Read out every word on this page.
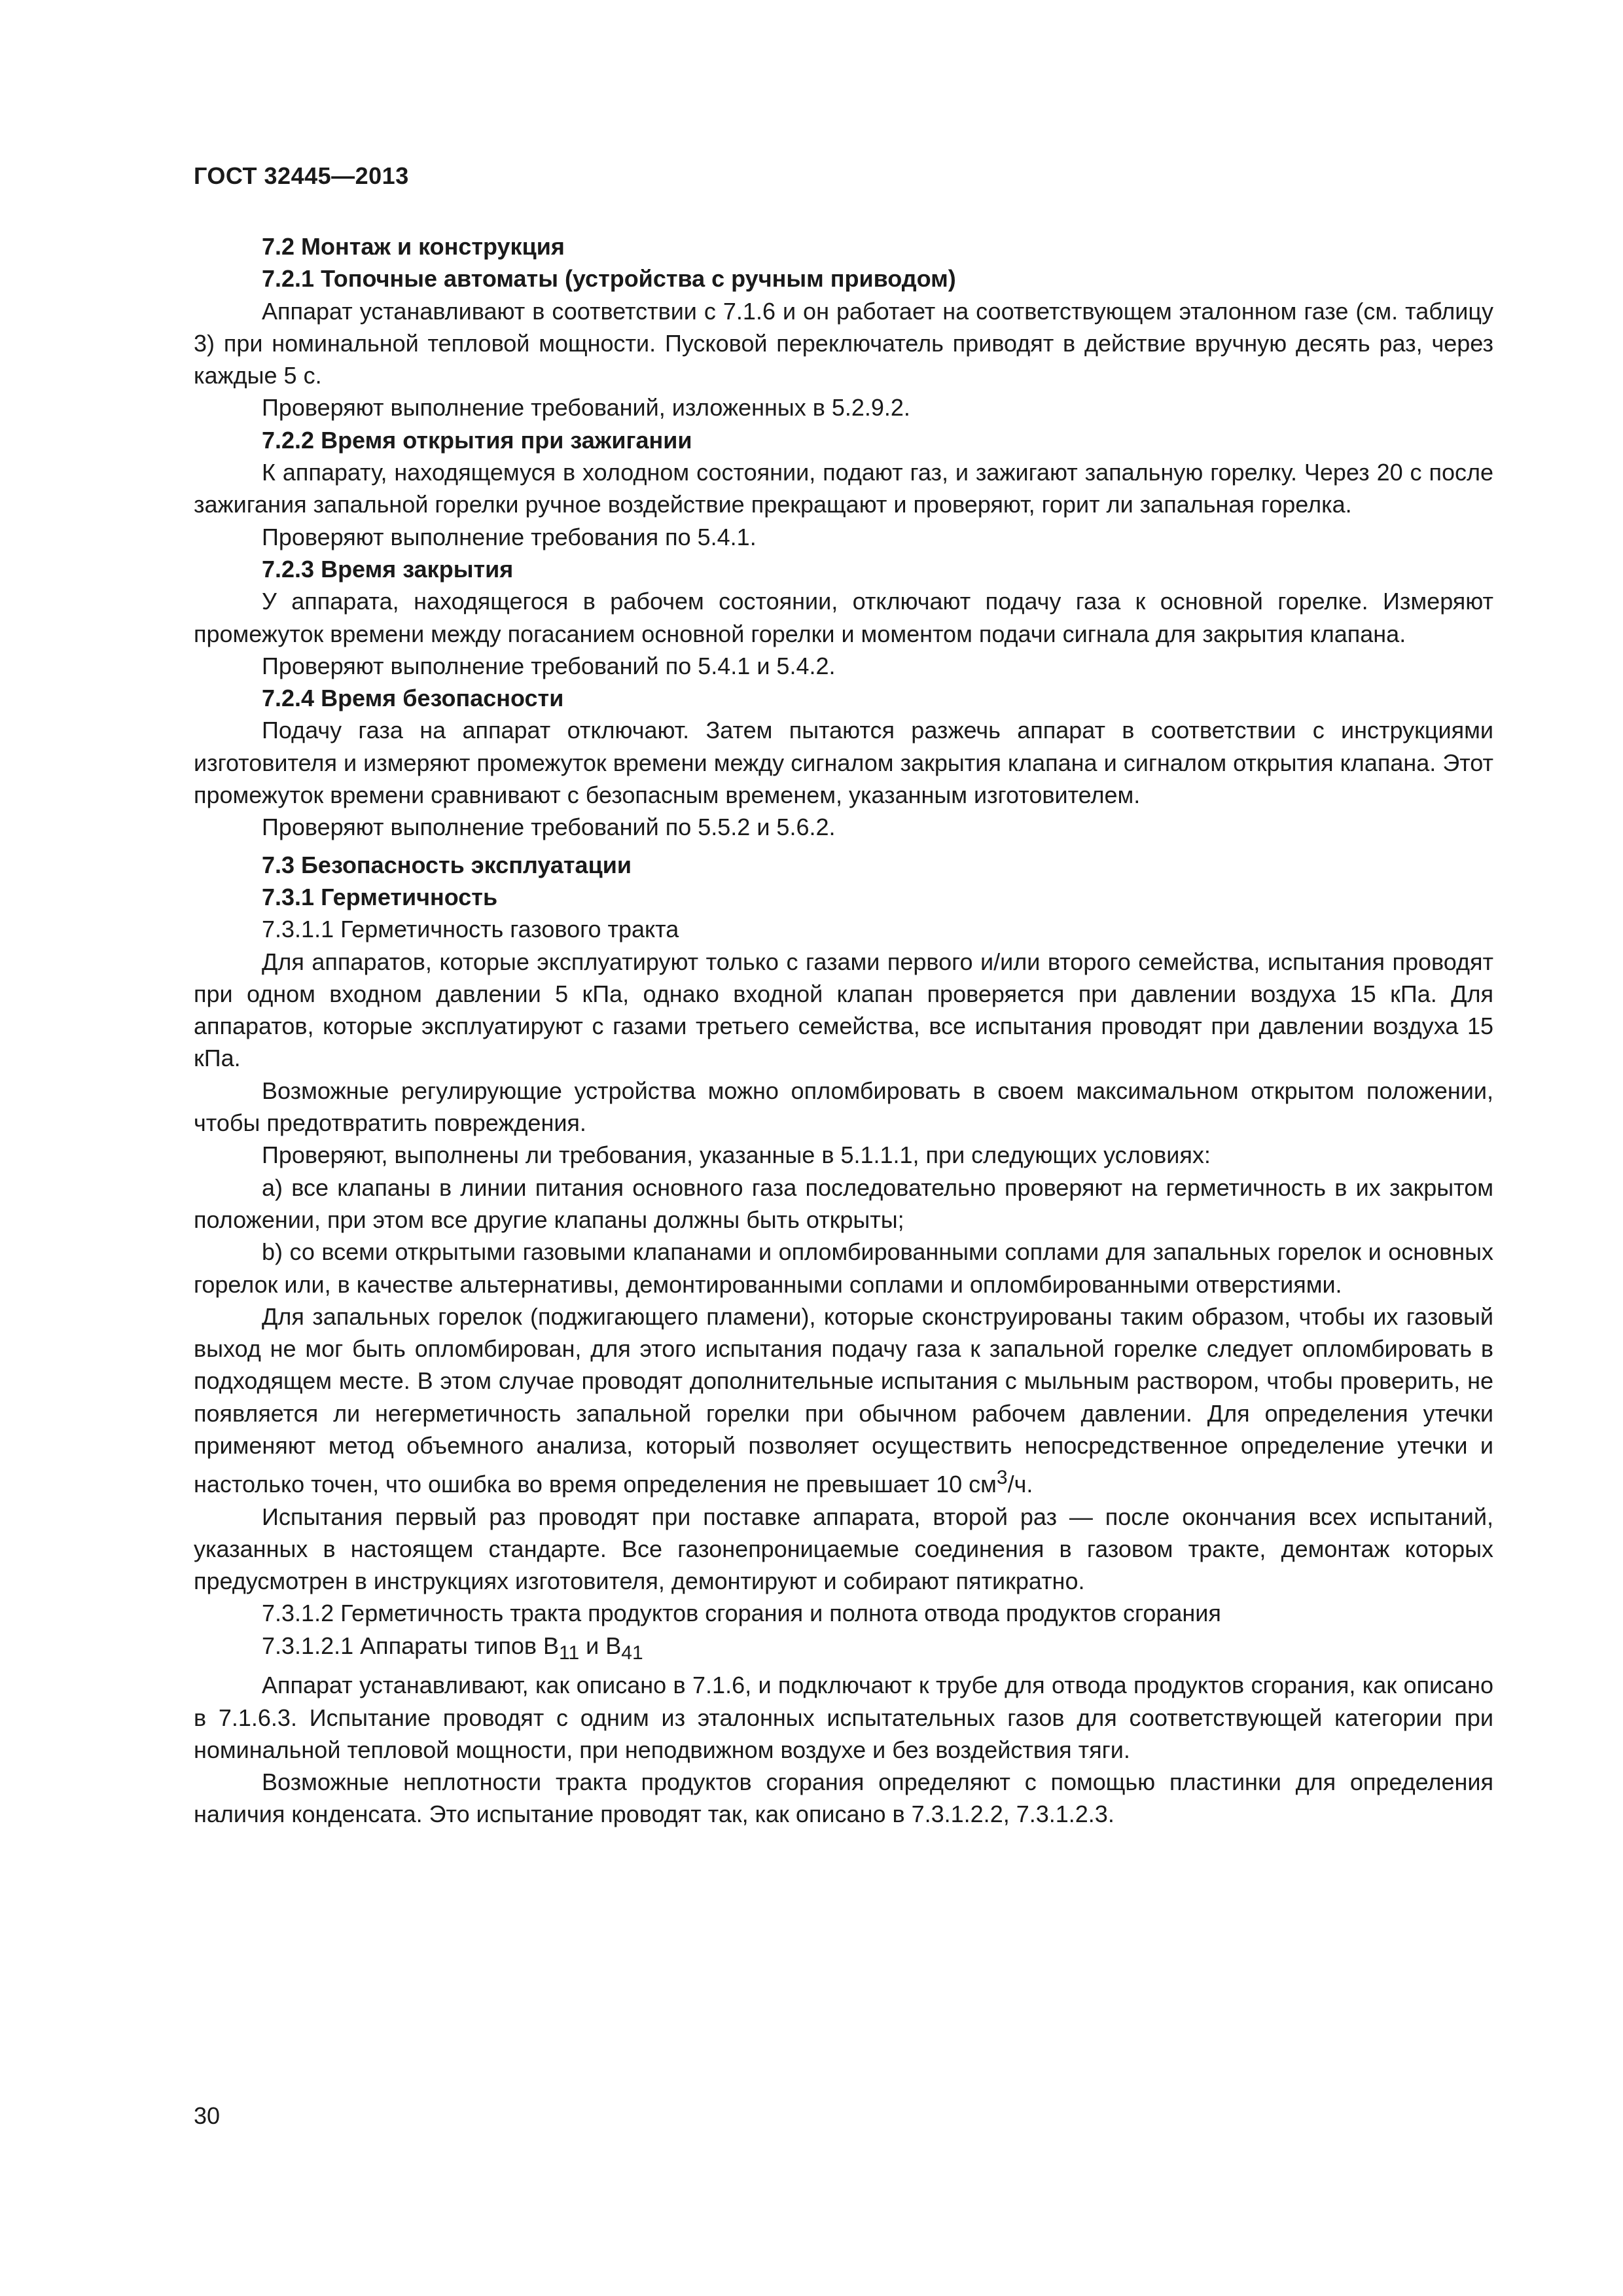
ГОСТ 32445—2013

7.2 Монтаж и конструкция

7.2.1 Топочные автоматы (устройства с ручным приводом)

Аппарат устанавливают в соответствии с 7.1.6 и он работает на соответствующем эталонном газе (см. таблицу 3) при номинальной тепловой мощности. Пусковой переключатель приводят в действие вручную десять раз, через каждые 5 с.

Проверяют выполнение требований, изложенных в 5.2.9.2.

7.2.2 Время открытия при зажигании

К аппарату, находящемуся в холодном состоянии, подают газ, и зажигают запальную горелку. Через 20 с после зажигания запальной горелки ручное воздействие прекращают и проверяют, горит ли запальная горелка.

Проверяют выполнение требования по 5.4.1.

7.2.3 Время закрытия

У аппарата, находящегося в рабочем состоянии, отключают подачу газа к основной горелке. Измеряют промежуток времени между погасанием основной горелки и моментом подачи сигнала для закрытия клапана.

Проверяют выполнение требований по 5.4.1 и 5.4.2.

7.2.4 Время безопасности

Подачу газа на аппарат отключают. Затем пытаются разжечь аппарат в соответствии с инструкциями изготовителя и измеряют промежуток времени между сигналом закрытия клапана и сигналом открытия клапана. Этот промежуток времени сравнивают с безопасным временем, указанным изготовителем.

Проверяют выполнение требований по 5.5.2 и 5.6.2.

7.3 Безопасность эксплуатации

7.3.1 Герметичность

7.3.1.1 Герметичность газового тракта

Для аппаратов, которые эксплуатируют только с газами первого и/или второго семейства, испытания проводят при одном входном давлении 5 кПа, однако входной клапан проверяется при давлении воздуха 15 кПа. Для аппаратов, которые эксплуатируют с газами третьего семейства, все испытания проводят при давлении воздуха 15 кПа.

Возможные регулирующие устройства можно опломбировать в своем максимальном открытом положении, чтобы предотвратить повреждения.

Проверяют, выполнены ли требования, указанные в 5.1.1.1, при следующих условиях:

a) все клапаны в линии питания основного газа последовательно проверяют на герметичность в их закрытом положении, при этом все другие клапаны должны быть открыты;

b) со всеми открытыми газовыми клапанами и опломбированными соплами для запальных горелок и основных горелок или, в качестве альтернативы, демонтированными соплами и опломбированными отверстиями.

Для запальных горелок (поджигающего пламени), которые сконструированы таким образом, чтобы их газовый выход не мог быть опломбирован, для этого испытания подачу газа к запальной горелке следует опломбировать в подходящем месте. В этом случае проводят дополнительные испытания с мыльным раствором, чтобы проверить, не появляется ли негерметичность запальной горелки при обычном рабочем давлении. Для определения утечки применяют метод объемного анализа, который позволяет осуществить непосредственное определение утечки и настолько точен, что ошибка во время определения не превышает 10 $см^3/ч$.

Испытания первый раз проводят при поставке аппарата, второй раз — после окончания всех испытаний, указанных в настоящем стандарте. Все газонепроницаемые соединения в газовом тракте, демонтаж которых предусмотрен в инструкциях изготовителя, демонтируют и собирают пятикратно.

7.3.1.2 Герметичность тракта продуктов сгорания и полнота отвода продуктов сгорания

7.3.1.2.1 Аппараты типов $B_{11}$ и $B_{41}$

Аппарат устанавливают, как описано в 7.1.6, и подключают к трубе для отвода продуктов сгорания, как описано в 7.1.6.3. Испытание проводят с одним из эталонных испытательных газов для соответствующей категории при номинальной тепловой мощности, при неподвижном воздухе и без воздействия тяги.

Возможные неплотности тракта продуктов сгорания определяют с помощью пластинки для определения наличия конденсата. Это испытание проводят так, как описано в 7.3.1.2.2, 7.3.1.2.3.

30
